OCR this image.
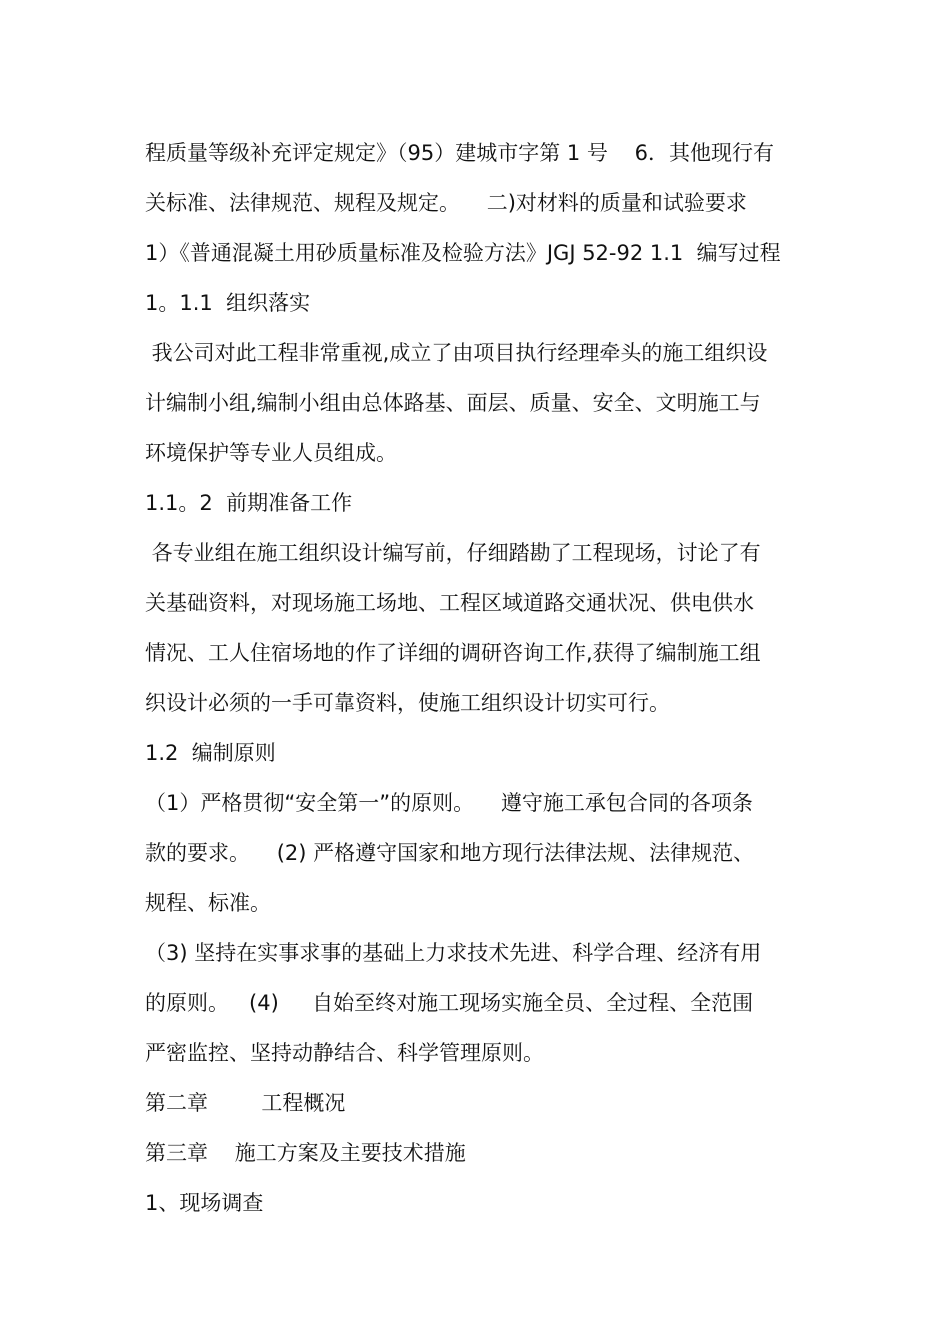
程质量等级补充评定规定》（95）建城市字第 1 号    6．其他现行有
关标准、法律规范、规程及规定。    二)对材料的质量和试验要求
1）《普通混凝土用砂质量标准及检验方法》JGJ 52-92 1.1  编写过程
1。1.1  组织落实
我公司对此工程非常重视,成立了由项目执行经理牵头的施工组织设
计编制小组,编制小组由总体路基、面层、质量、安全、文明施工与
环境保护等专业人员组成。
1.1。2  前期准备工作
各专业组在施工组织设计编写前，仔细踏勘了工程现场，讨论了有
关基础资料，对现场施工场地、工程区域道路交通状况、供电供水
情况、工人住宿场地的作了详细的调研咨询工作,获得了编制施工组
织设计必须的一手可靠资料，使施工组织设计切实可行。
1.2  编制原则
（1）严格贯彻“安全第一”的原则。    遵守施工承包合同的各项条
款的要求。    (2) 严格遵守国家和地方现行法律法规、法律规范、
规程、标准。
（3) 坚持在实事求事的基础上力求技术先进、科学合理、经济有用
的原则。   (4)     自始至终对施工现场实施全员、全过程、全范围
严密监控、坚持动静结合、科学管理原则。
第二章        工程概况
第三章    施工方案及主要技术措施
1、现场调查
